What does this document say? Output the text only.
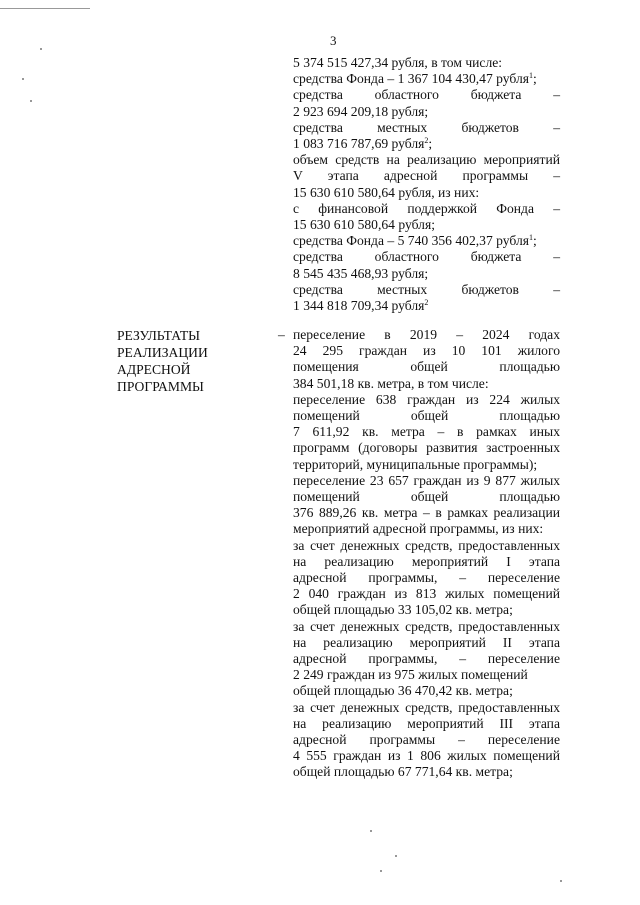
3

5 374 515 427,34 рубля, в том числе:

средства Фонда – 1 367 104 430,47 рубля$^1$;

средства областного бюджета –

2 923 694 209,18 рубля;

средства местных бюджетов –

1 083 716 787,69 рубля$^2$;

объем средств на реализацию мероприятий

V этапа адресной программы –

15 630 610 580,64 рубля, из них:

с финансовой поддержкой Фонда –

15 630 610 580,64 рубля;

средства Фонда – 5 740 356 402,37 рубля$^1$;

средства областного бюджета –

8 545 435 468,93 рубля;

средства местных бюджетов –

1 344 818 709,34 рубля$^2$

РЕЗУЛЬТАТЫ
РЕАЛИЗАЦИИ
АДРЕСНОЙ
ПРОГРАММЫ
– переселение в 2019 – 2024 годах

24 295 граждан из 10 101 жилого

помещения общей площадью

384 501,18 кв. метра, в том числе:

переселение 638 граждан из 224 жилых

помещений общей площадью

7 611,92 кв. метра – в рамках иных

программ (договоры развития застроенных

территорий, муниципальные программы);

переселение 23 657 граждан из 9 877 жилых

помещений общей площадью

376 889,26 кв. метра – в рамках реализации

мероприятий адресной программы, из них:

за счет денежных средств, предоставленных

на реализацию мероприятий I этапа

адресной программы, – переселение

2 040 граждан из 813 жилых помещений

общей площадью 33 105,02 кв. метра;

за счет денежных средств, предоставленных

на реализацию мероприятий II этапа

адресной программы, – переселение

2 249 граждан из 975 жилых помещений

общей площадью 36 470,42 кв. метра;

за счет денежных средств, предоставленных

на реализацию мероприятий III этапа

адресной программы – переселение

4 555 граждан из 1 806 жилых помещений

общей площадью 67 771,64 кв. метра;
